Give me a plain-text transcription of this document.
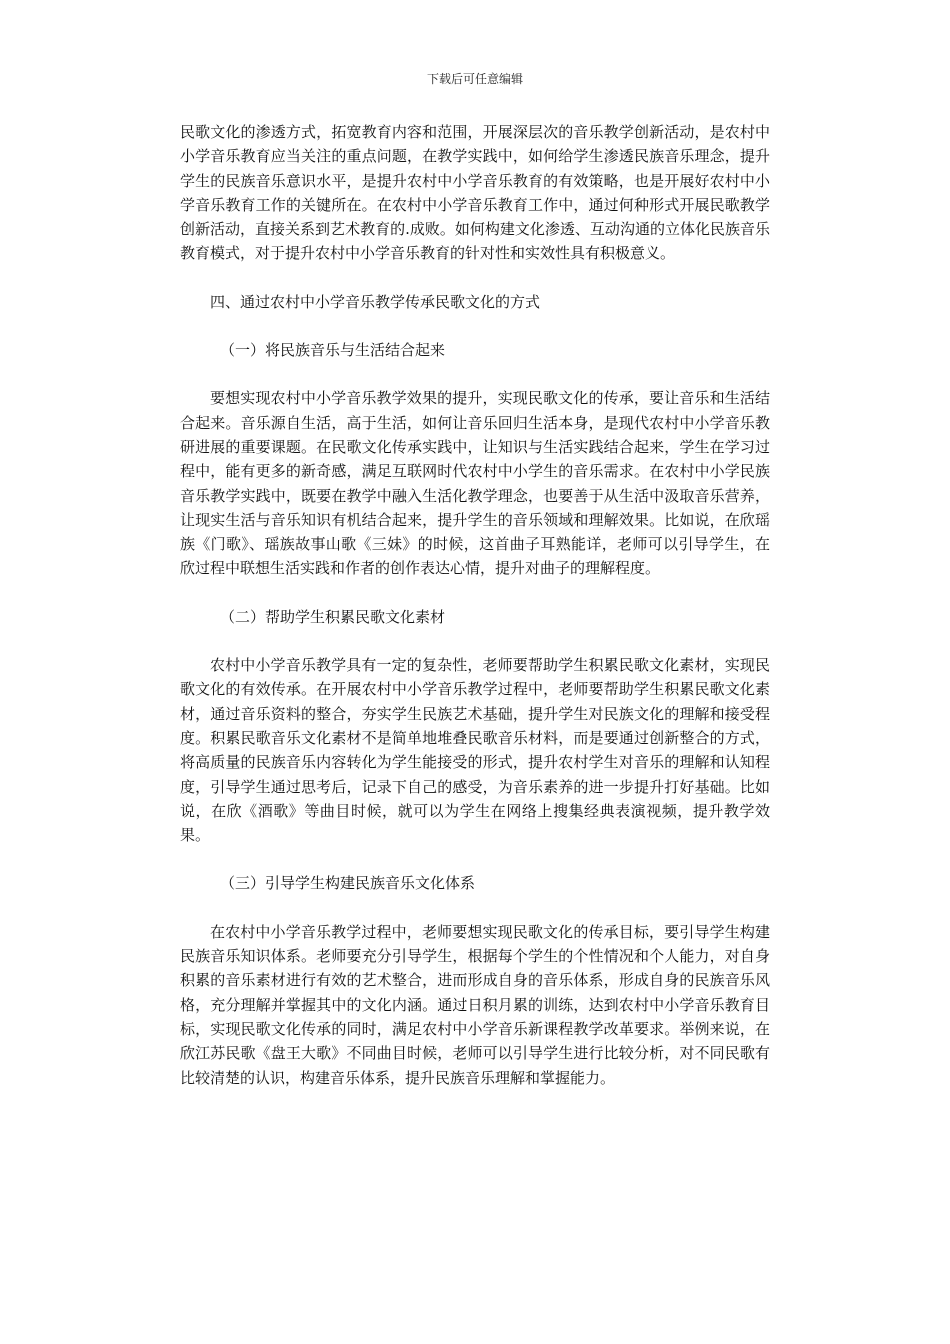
下载后可任意编辑

民歌文化的渗透方式，拓宽教育内容和范围，开展深层次的音乐教学创新活动，是农村中小学音乐教育应当关注的重点问题，在教学实践中，如何给学生渗透民族音乐理念，提升学生的民族音乐意识水平，是提升农村中小学音乐教育的有效策略，也是开展好农村中小学音乐教育工作的关键所在。在农村中小学音乐教育工作中，通过何种形式开展民歌教学创新活动，直接关系到艺术教育的.成败。如何构建文化渗透、互动沟通的立体化民族音乐教育模式，对于提升农村中小学音乐教育的针对性和实效性具有积极意义。

四、通过农村中小学音乐教学传承民歌文化的方式

（一）将民族音乐与生活结合起来

要想实现农村中小学音乐教学效果的提升，实现民歌文化的传承，要让音乐和生活结合起来。音乐源自生活，高于生活，如何让音乐回归生活本身，是现代农村中小学音乐教研进展的重要课题。在民歌文化传承实践中，让知识与生活实践结合起来，学生在学习过程中，能有更多的新奇感，满足互联网时代农村中小学生的音乐需求。在农村中小学民族音乐教学实践中，既要在教学中融入生活化教学理念，也要善于从生活中汲取音乐营养，让现实生活与音乐知识有机结合起来，提升学生的音乐领域和理解效果。比如说，在欣瑶族《门歌》、瑶族故事山歌《三妹》的时候，这首曲子耳熟能详，老师可以引导学生，在欣过程中联想生活实践和作者的创作表达心情，提升对曲子的理解程度。

（二）帮助学生积累民歌文化素材

农村中小学音乐教学具有一定的复杂性，老师要帮助学生积累民歌文化素材，实现民歌文化的有效传承。在开展农村中小学音乐教学过程中，老师要帮助学生积累民歌文化素材，通过音乐资料的整合，夯实学生民族艺术基础，提升学生对民族文化的理解和接受程度。积累民歌音乐文化素材不是简单地堆叠民歌音乐材料，而是要通过创新整合的方式，将高质量的民族音乐内容转化为学生能接受的形式，提升农村学生对音乐的理解和认知程度，引导学生通过思考后，记录下自己的感受，为音乐素养的进一步提升打好基础。比如说，在欣《酒歌》等曲目时候，就可以为学生在网络上搜集经典表演视频，提升教学效果。

（三）引导学生构建民族音乐文化体系

在农村中小学音乐教学过程中，老师要想实现民歌文化的传承目标，要引导学生构建民族音乐知识体系。老师要充分引导学生，根据每个学生的个性情况和个人能力，对自身积累的音乐素材进行有效的艺术整合，进而形成自身的音乐体系，形成自身的民族音乐风格，充分理解并掌握其中的文化内涵。通过日积月累的训练，达到农村中小学音乐教育目标，实现民歌文化传承的同时，满足农村中小学音乐新课程教学改革要求。举例来说，在欣江苏民歌《盘王大歌》不同曲目时候，老师可以引导学生进行比较分析，对不同民歌有比较清楚的认识，构建音乐体系，提升民族音乐理解和掌握能力。
